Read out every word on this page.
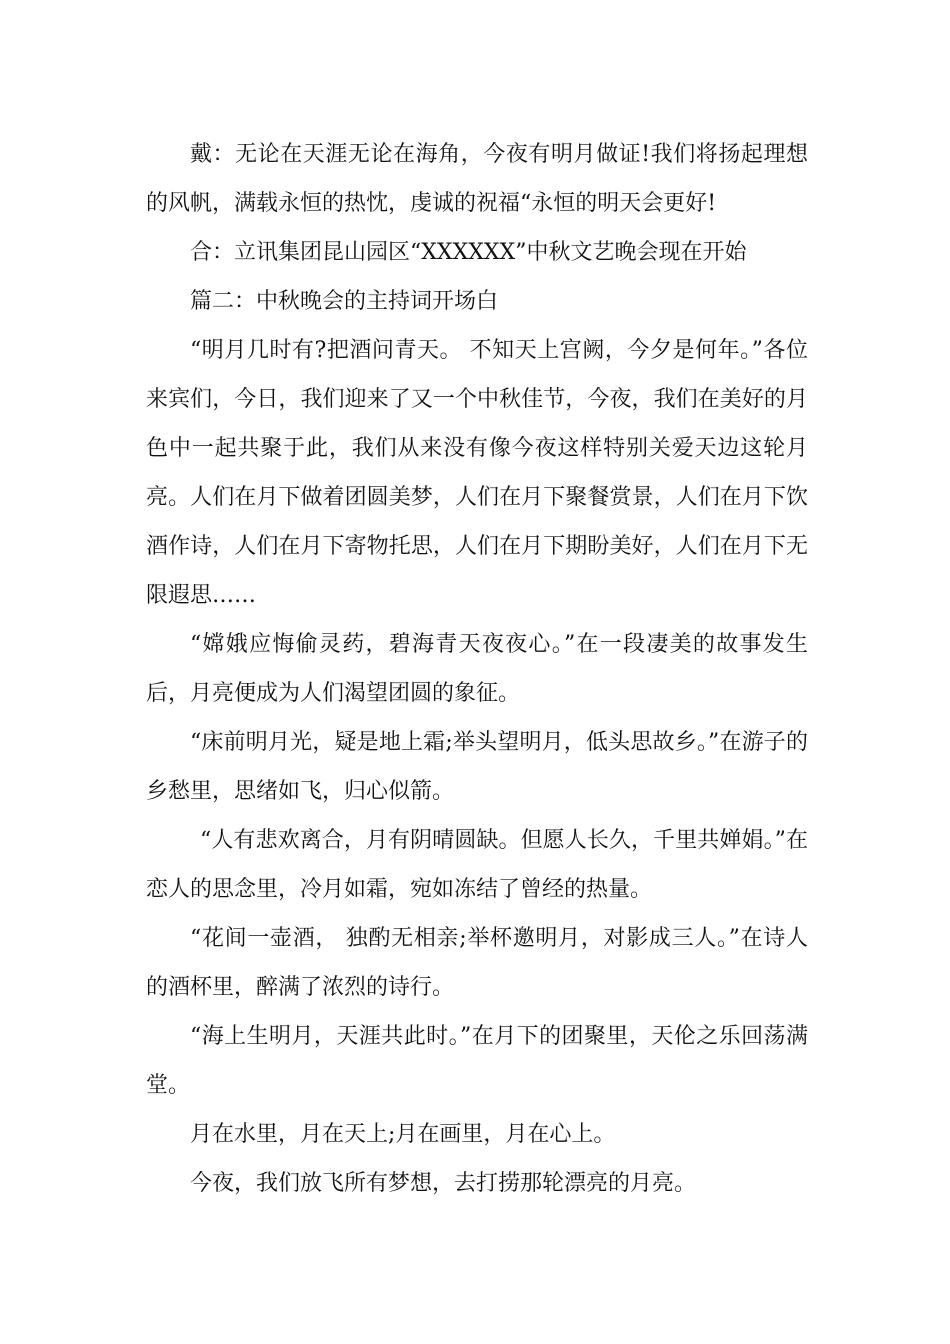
戴：无论在天涯无论在海角，今夜有明月做证!我们将扬起理想的风帆，满载永恒的热忱，虔诚的祝福“永恒的明天会更好!

合：立讯集团昆山园区“XXXXXX”中秋文艺晚会现在开始

篇二：中秋晚会的主持词开场白

“明月几时有?把酒问青天。 不知天上宫阙，今夕是何年。”各位来宾们，今日，我们迎来了又一个中秋佳节，今夜，我们在美好的月色中一起共聚于此，我们从来没有像今夜这样特别关爱天边这轮月亮。人们在月下做着团圆美梦，人们在月下聚餐赏景，人们在月下饮酒作诗，人们在月下寄物托思，人们在月下期盼美好，人们在月下无限遐思……

“嫦娥应悔偷灵药，碧海青天夜夜心。”在一段凄美的故事发生后，月亮便成为人们渴望团圆的象征。

“床前明月光，疑是地上霜;举头望明月，低头思故乡。”在游子的乡愁里，思绪如飞，归心似箭。

“人有悲欢离合，月有阴晴圆缺。但愿人长久，千里共婵娟。”在恋人的思念里，冷月如霜，宛如冻结了曾经的热量。

“花间一壶酒， 独酌无相亲;举杯邀明月，对影成三人。”在诗人的酒杯里，醉满了浓烈的诗行。

“海上生明月，天涯共此时。”在月下的团聚里，天伦之乐回荡满堂。

月在水里，月在天上;月在画里，月在心上。

今夜，我们放飞所有梦想，去打捞那轮漂亮的月亮。
